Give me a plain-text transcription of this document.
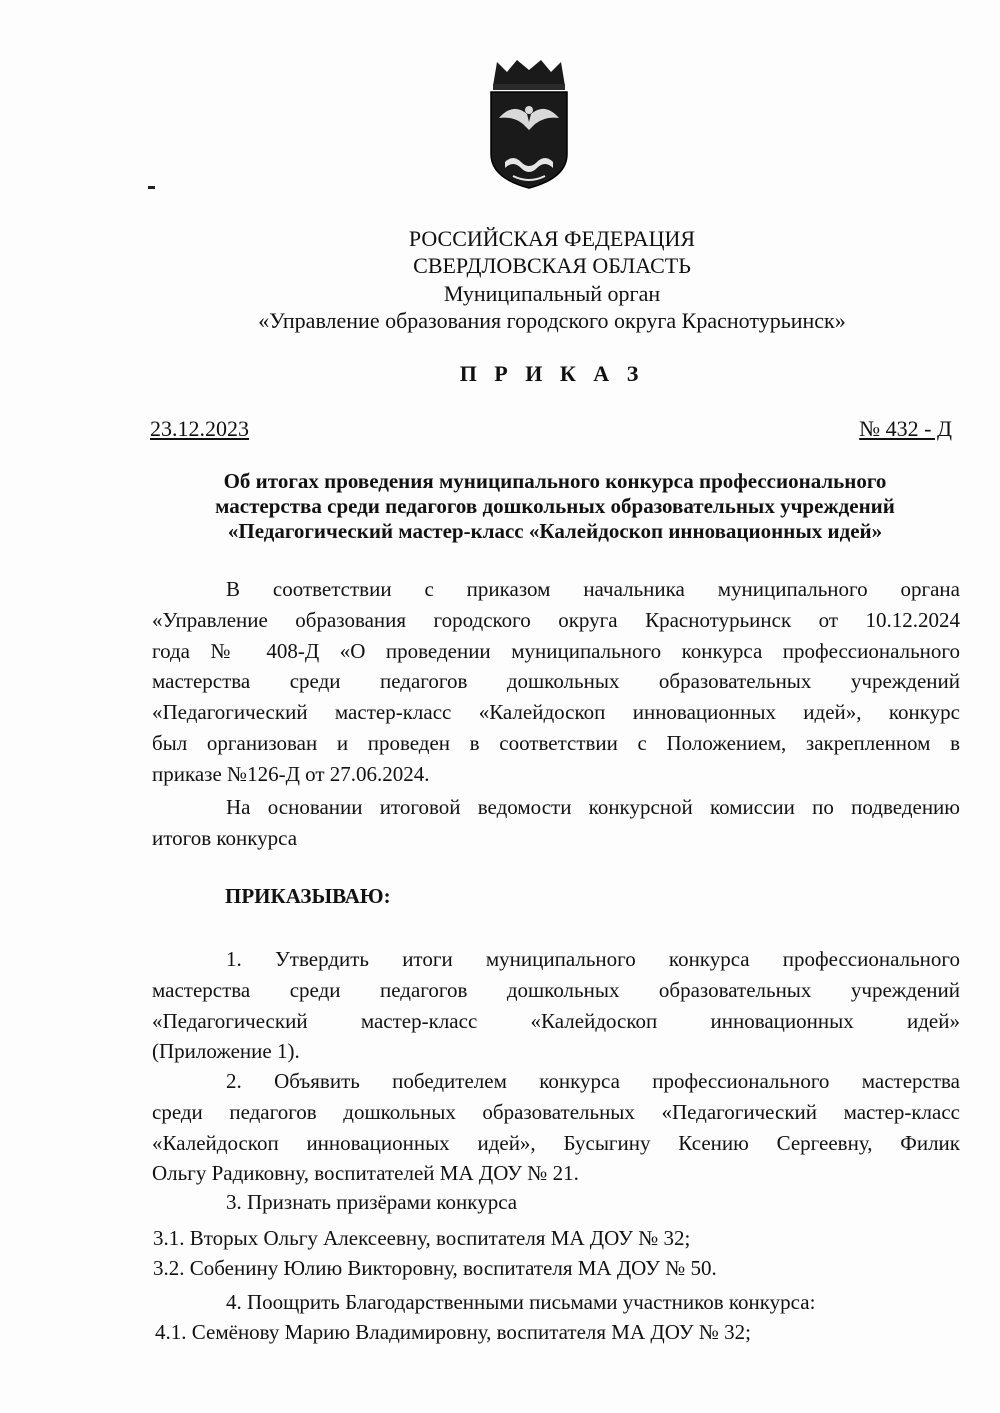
РОССИЙСКАЯ ФЕДЕРАЦИЯ
СВЕРДЛОВСКАЯ ОБЛАСТЬ
Муниципальный орган
«Управление образования городского округа Краснотурьинск»
П Р И К А З
23.12.2023	№ 432 - Д
Об итогах проведения муниципального конкурса профессионального
мастерства среди педагогов дошкольных образовательных учреждений
«Педагогический мастер-класс «Калейдоскоп инновационных идей»
В соответствии с приказом начальника муниципального органа
«Управление образования городского округа Краснотурьинск от 10.12.2024
года № 408-Д «О проведении муниципального конкурса профессионального
мастерства среди педагогов дошкольных образовательных учреждений
«Педагогический мастер-класс «Калейдоскоп инновационных идей», конкурс
был организован и проведен в соответствии с Положением, закрепленном в
приказе №126-Д от 27.06.2024.
На основании итоговой ведомости конкурсной комиссии по подведению
итогов конкурса
ПРИКАЗЫВАЮ:
1. Утвердить итоги муниципального конкурса профессионального
мастерства среди педагогов дошкольных образовательных учреждений
«Педагогический мастер-класс «Калейдоскоп инновационных идей»
(Приложение 1).
2. Объявить победителем конкурса профессионального мастерства
среди педагогов дошкольных образовательных «Педагогический мастер-класс
«Калейдоскоп инновационных идей», Бусыгину Ксению Сергеевну, Филик
Ольгу Радиковну, воспитателей МА ДОУ № 21.
3. Признать призёрами конкурса
3.1. Вторых Ольгу Алексеевну, воспитателя МА ДОУ № 32;
3.2. Собенину Юлию Викторовну, воспитателя МА ДОУ № 50.
4. Поощрить Благодарственными письмами участников конкурса:
4.1. Семёнову Марию Владимировну, воспитателя МА ДОУ № 32;
